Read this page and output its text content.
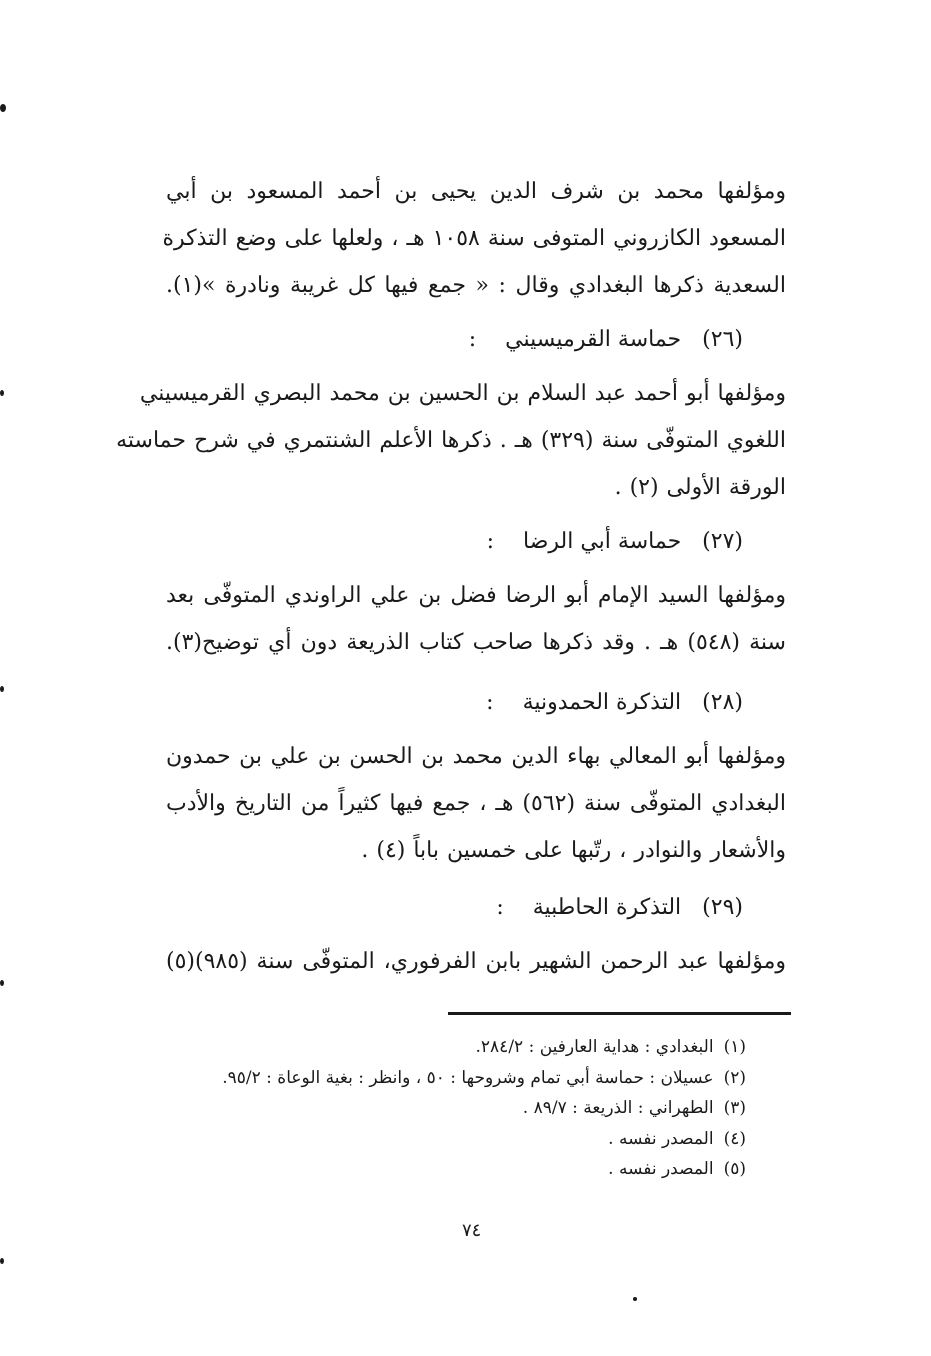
ومؤلفها محمد بن شرف الدين يحيى بن أحمد المسعود بن أبي
المسعود الكازروني المتوفى سنة ١٠٥٨ هـ ، ولعلها على وضع التذكرة
السعدية ذكرها البغدادي وقال : « جمع فيها كل غريبة ونادرة »(١).
(٢٦) حماسة القرميسيني :
ومؤلفها أبو أحمد عبد السلام بن الحسين بن محمد البصري القرميسيني
اللغوي المتوفّى سنة (٣٢٩) هـ . ذكرها الأعلم الشنتمري في شرح حماسته
الورقة الأولى (٢) .
(٢٧) حماسة أبي الرضا :
ومؤلفها السيد الإمام أبو الرضا فضل بن علي الراوندي المتوفّى بعد
سنة (٥٤٨) هـ . وقد ذكرها صاحب كتاب الذريعة دون أي توضيح(٣).
(٢٨) التذكرة الحمدونية :
ومؤلفها أبو المعالي بهاء الدين محمد بن الحسن بن علي بن حمدون
البغدادي المتوفّى سنة (٥٦٢) هـ ، جمع فيها كثيراً من التاريخ والأدب
والأشعار والنوادر ، رتّبها على خمسين باباً (٤) .
(٢٩) التذكرة الحاطبية :
ومؤلفها عبد الرحمن الشهير بابن الفرفوري، المتوفّى سنة (٩٨٥)(٥)
(١)البغدادي : هداية العارفين : ٢٨٤/٢.
(٢)عسيلان : حماسة أبي تمام وشروحها : ٥٠ ، وانظر : بغية الوعاة : ٩٥/٢.
(٣)الطهراني : الذريعة : ٨٩/٧ .
(٤)المصدر نفسه .
(٥)المصدر نفسه .
٧٤
